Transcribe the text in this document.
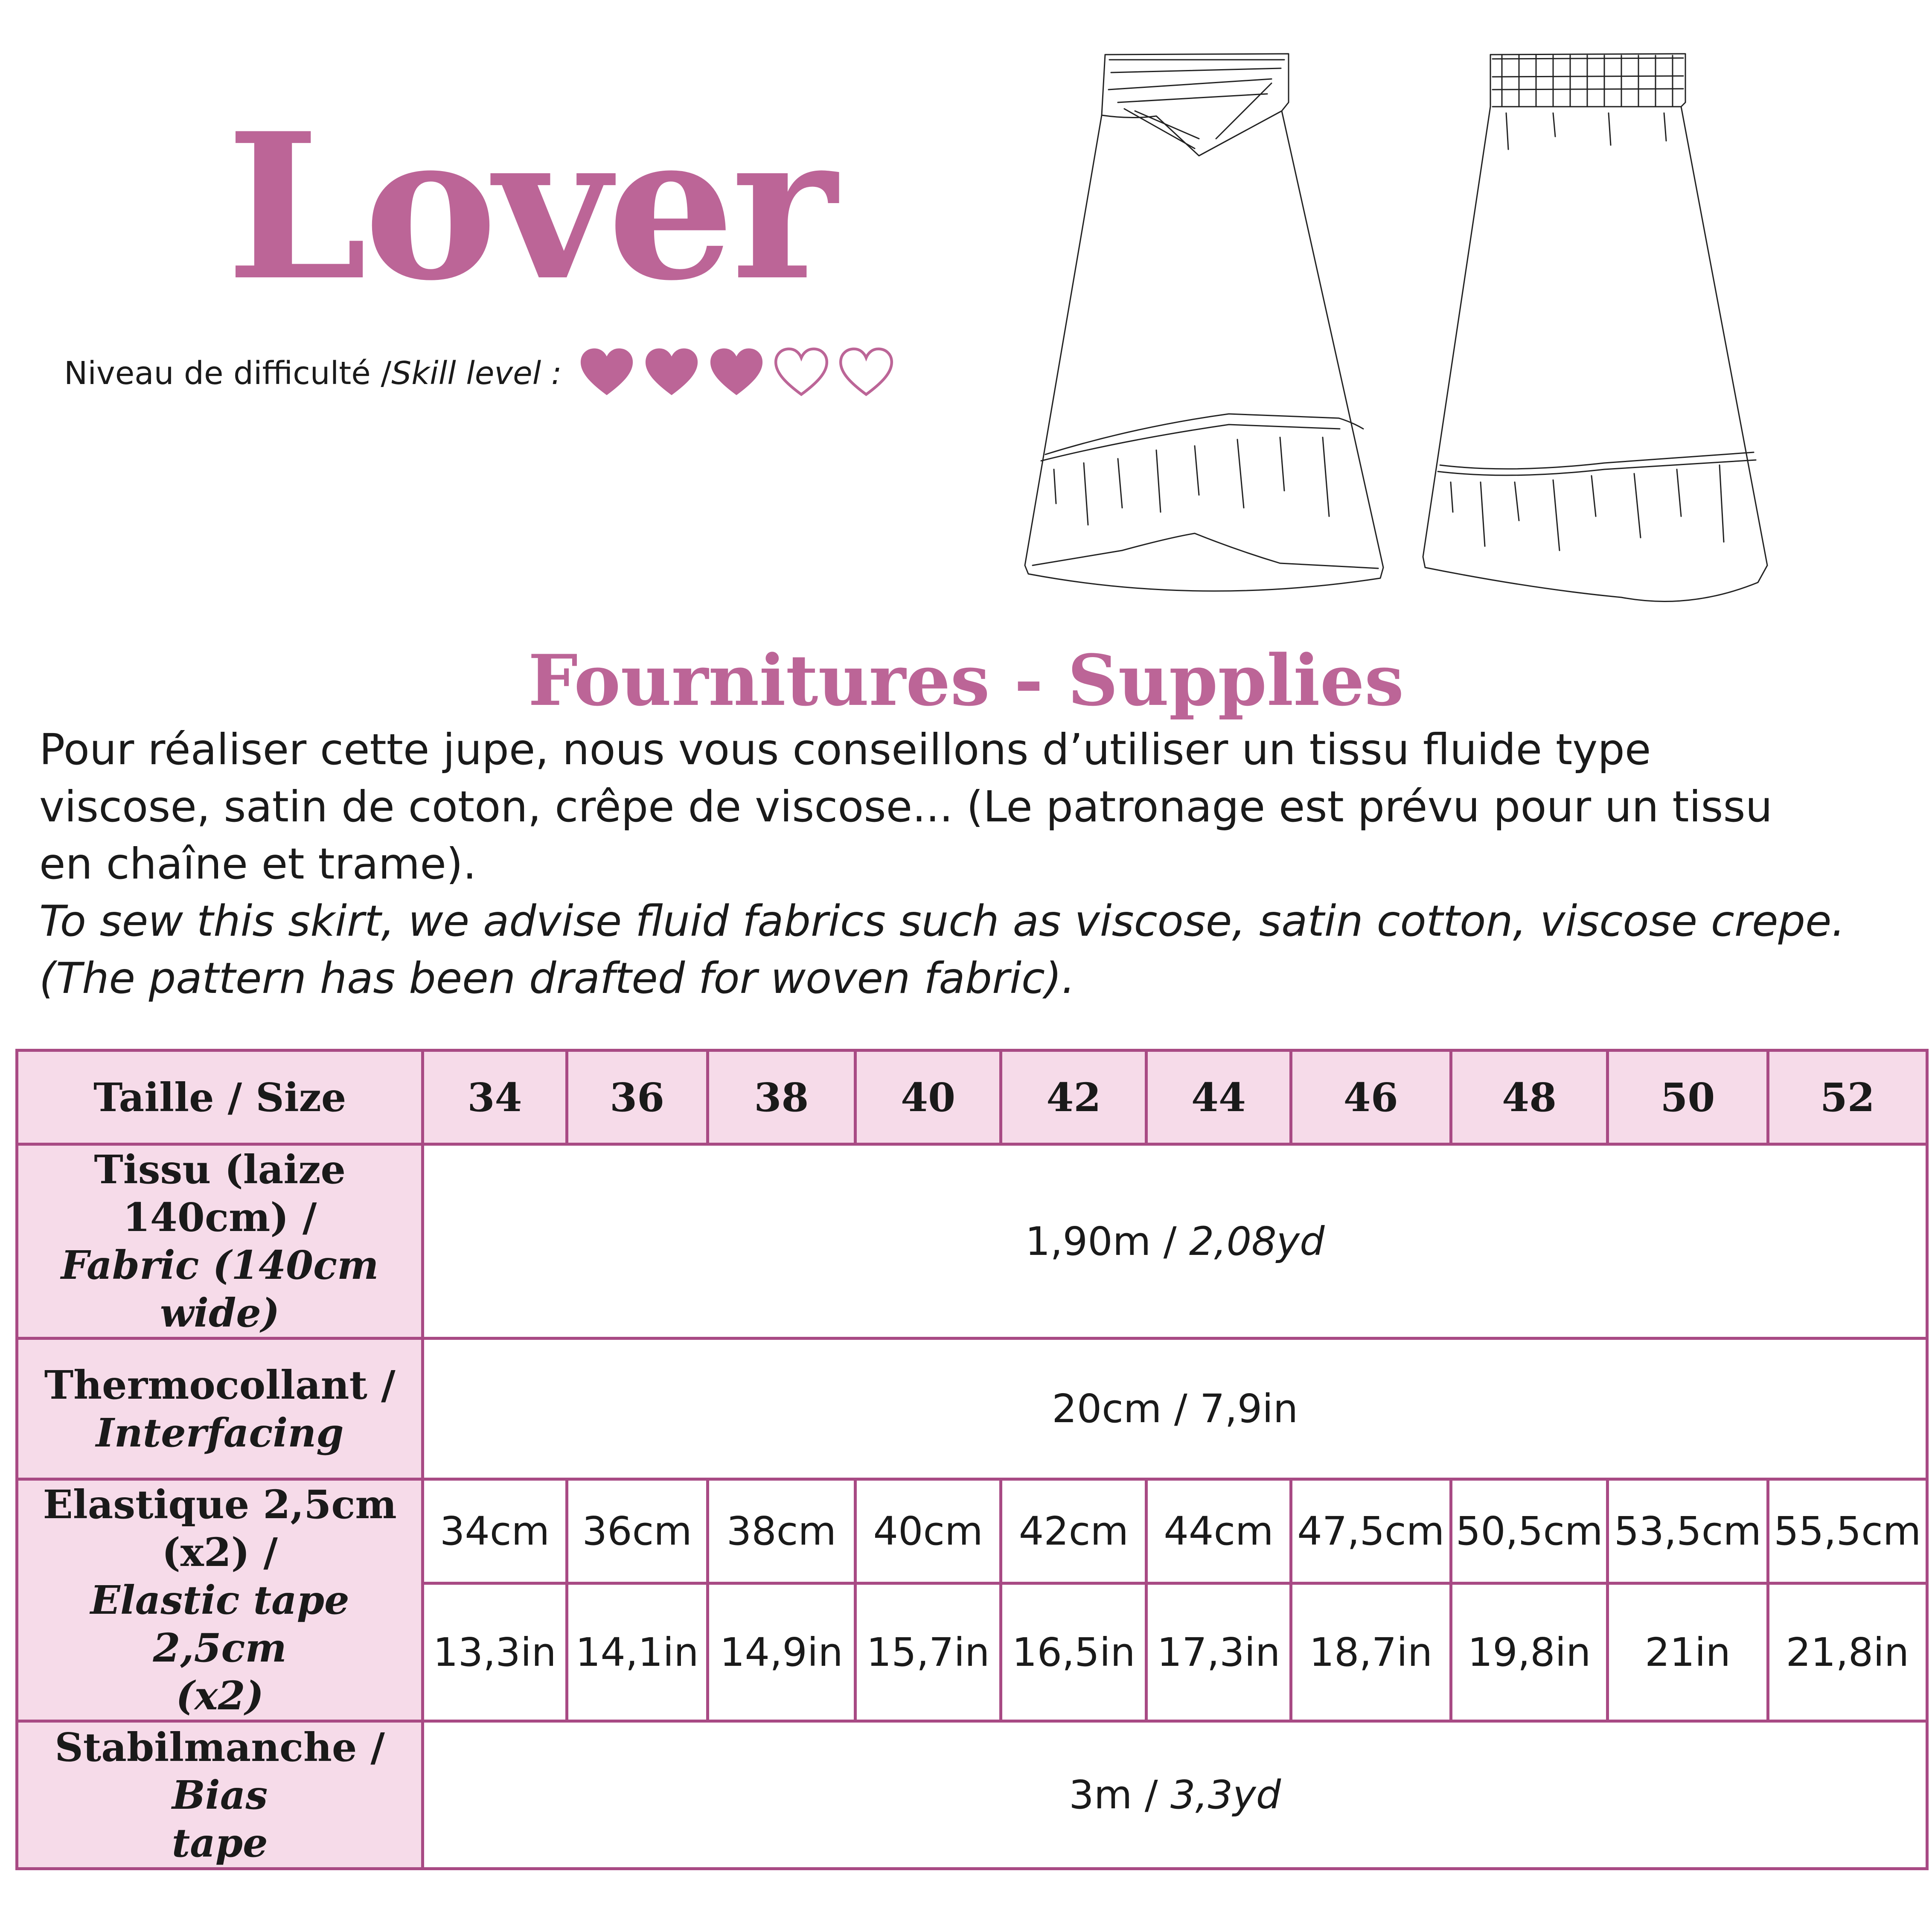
Lover
Niveau de difficulté / Skill level :
Fournitures - Supplies

Pour réaliser cette jupe, nous vous conseillons d’utiliser un tissu fluide type

viscose, satin de coton, crêpe de viscose... (Le patronage est prévu pour un tissu

en chaîne et trame).

To sew this skirt, we advise fluid fabrics such as viscose, satin cotton, viscose crepe.

(The pattern has been drafted for woven fabric).

Taille / Size	34	36	38	40	42	44	46	48	50	52

Tissu (laize 140cm) /
Fabric (140cm wide)	1,90m / 2,08yd									

Thermocollant /
Interfacing	20cm / 7,9in									

Elastique 2,5cm
(x2) /
Elastic tape 2,5cm
(x2)	34cm	36cm	38cm	40cm	42cm	44cm	47,5cm	50,5cm	53,5cm	55,5cm
	13,3in	14,1in	14,9in	15,7in	16,5in	17,3in	18,7in	19,8in	21in	21,8in

Stabilmanche / Bias
tape	3m / 3,3yd									
